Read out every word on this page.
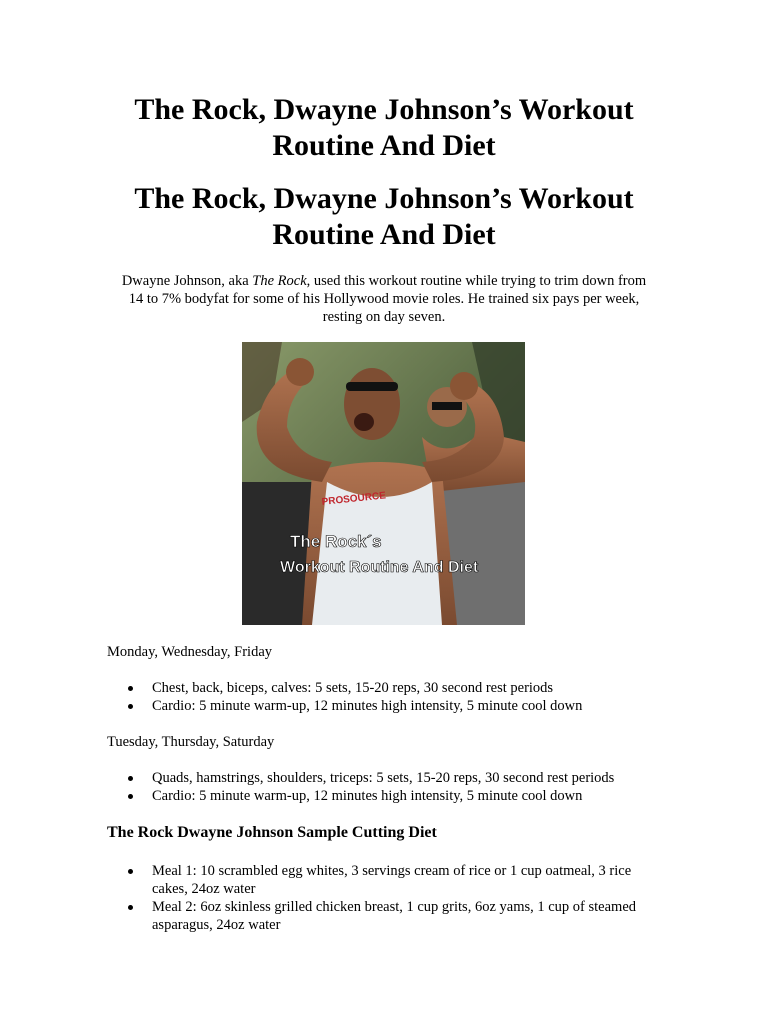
The Rock, Dwayne Johnson’s Workout
Routine And Diet
The Rock, Dwayne Johnson’s Workout
Routine And Diet

Dwayne Johnson, aka The Rock, used this workout routine while trying to trim down from
14 to 7% bodyfat for some of his Hollywood movie roles. He trained six pays per week,
resting on day seven.

PROSOURCE
The Rock´s
Workout Routine And Diet

Monday, Wednesday, Friday

Chest, back, biceps, calves: 5 sets, 15-20 reps, 30 second rest periods
Cardio: 5 minute warm-up, 12 minutes high intensity, 5 minute cool down

Tuesday, Thursday, Saturday

Quads, hamstrings, shoulders, triceps: 5 sets, 15-20 reps, 30 second rest periods
Cardio: 5 minute warm-up, 12 minutes high intensity, 5 minute cool down
The Rock Dwayne Johnson Sample Cutting Diet
Meal 1: 10 scrambled egg whites, 3 servings cream of rice or 1 cup oatmeal, 3 rice
cakes, 24oz water
Meal 2: 6oz skinless grilled chicken breast, 1 cup grits, 6oz yams, 1 cup of steamed
asparagus, 24oz water
